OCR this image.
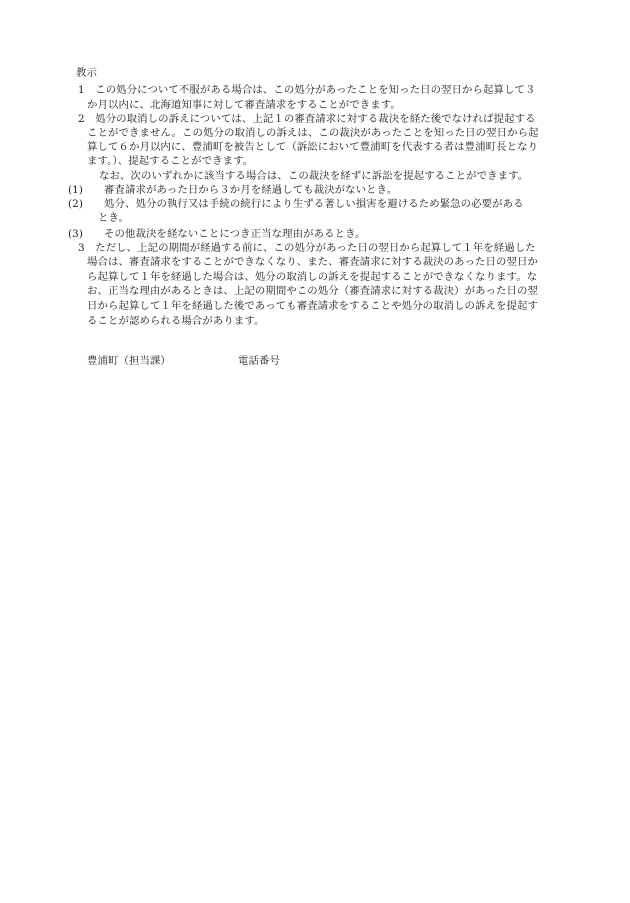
教示
1　この処分について不服がある場合は、この処分があったことを知った日の翌日から起算して３
か月以内に、北海道知事に対して審査請求をすることができます。
2　処分の取消しの訴えについては、上記１の審査請求に対する裁決を経た後でなければ提起する
ことができません。この処分の取消しの訴えは、この裁決があったことを知った日の翌日から起
算して６か月以内に、豊浦町を被告として（訴訟において豊浦町を代表する者は豊浦町長となり
ます。）、提起することができます。
なお、次のいずれかに該当する場合は、この裁決を経ずに訴訟を提起することができます。
(1)　　審査請求があった日から３か月を経過しても裁決がないとき。
(2)　　処分、処分の執行又は手続の続行により生ずる著しい損害を避けるため緊急の必要がある
とき。
(3)　　その他裁決を経ないことにつき正当な理由があるとき。
3　ただし、上記の期間が経過する前に、この処分があった日の翌日から起算して１年を経過した
場合は、審査請求をすることができなくなり、また、審査請求に対する裁決のあった日の翌日か
ら起算して１年を経過した場合は、処分の取消しの訴えを提起することができなくなります。な
お、正当な理由があるときは、上記の期間やこの処分（審査請求に対する裁決）があった日の翌
日から起算して１年を経過した後であっても審査請求をすることや処分の取消しの訴えを提起す
ることが認められる場合があります。
豊浦町（担当課）	電話番号
